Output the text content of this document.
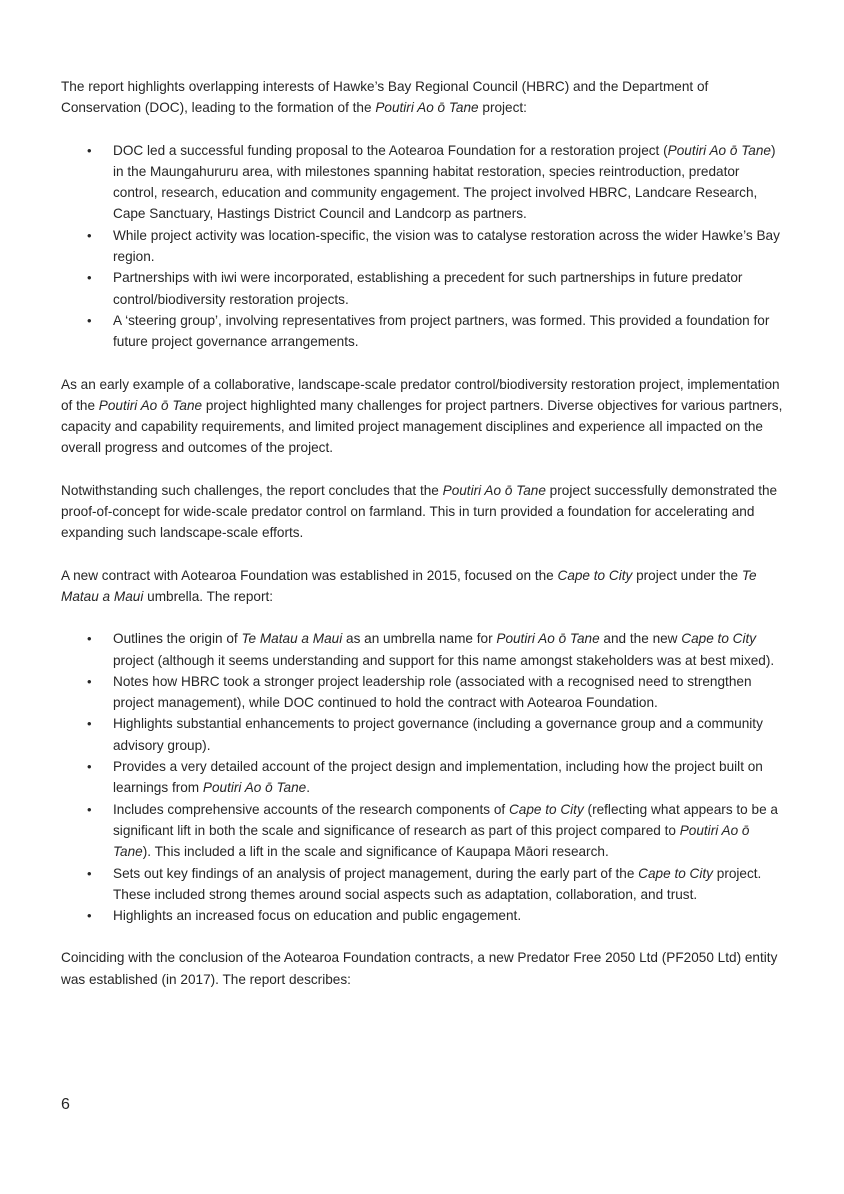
The report highlights overlapping interests of Hawke’s Bay Regional Council (HBRC) and the Department of Conservation (DOC), leading to the formation of the Poutiri Ao ō Tane project:

• DOC led a successful funding proposal to the Aotearoa Foundation for a restoration project (Poutiri Ao ō Tane) in the Maungahururu area, with milestones spanning habitat restoration, species reintroduction, predator control, research, education and community engagement. The project involved HBRC, Landcare Research, Cape Sanctuary, Hastings District Council and Landcorp as partners.
• While project activity was location-specific, the vision was to catalyse restoration across the wider Hawke’s Bay region.
• Partnerships with iwi were incorporated, establishing a precedent for such partnerships in future predator control/biodiversity restoration projects.
• A ‘steering group’, involving representatives from project partners, was formed. This provided a foundation for future project governance arrangements.

As an early example of a collaborative, landscape-scale predator control/biodiversity restoration project, implementation of the Poutiri Ao ō Tane project highlighted many challenges for project partners. Diverse objectives for various partners, capacity and capability requirements, and limited project management disciplines and experience all impacted on the overall progress and outcomes of the project.

Notwithstanding such challenges, the report concludes that the Poutiri Ao ō Tane project successfully demonstrated the proof-of-concept for wide-scale predator control on farmland. This in turn provided a foundation for accelerating and expanding such landscape-scale efforts.

A new contract with Aotearoa Foundation was established in 2015, focused on the Cape to City project under the Te Matau a Maui umbrella. The report:

• Outlines the origin of Te Matau a Maui as an umbrella name for Poutiri Ao ō Tane and the new Cape to City project (although it seems understanding and support for this name amongst stakeholders was at best mixed).
• Notes how HBRC took a stronger project leadership role (associated with a recognised need to strengthen project management), while DOC continued to hold the contract with Aotearoa Foundation.
• Highlights substantial enhancements to project governance (including a governance group and a community advisory group).
• Provides a very detailed account of the project design and implementation, including how the project built on learnings from Poutiri Ao ō Tane.
• Includes comprehensive accounts of the research components of Cape to City (reflecting what appears to be a significant lift in both the scale and significance of research as part of this project compared to Poutiri Ao ō Tane). This included a lift in the scale and significance of Kaupapa Māori research.
• Sets out key findings of an analysis of project management, during the early part of the Cape to City project. These included strong themes around social aspects such as adaptation, collaboration, and trust.
• Highlights an increased focus on education and public engagement.

Coinciding with the conclusion of the Aotearoa Foundation contracts, a new Predator Free 2050 Ltd (PF2050 Ltd) entity was established (in 2017). The report describes:

6
